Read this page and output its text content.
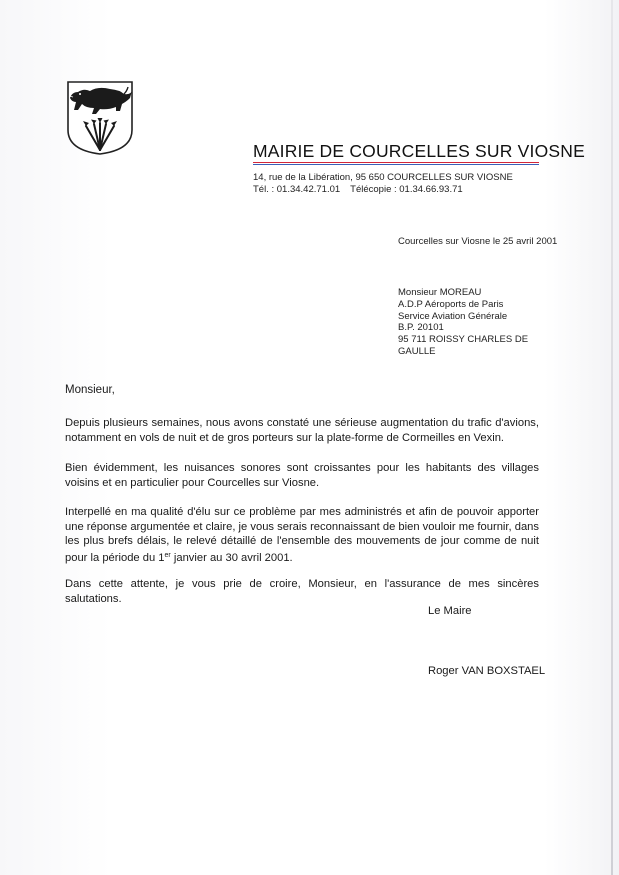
MAIRIE DE COURCELLES SUR VIOSNE
14, rue de la Libération, 95 650 COURCELLES SUR VIOSNE
Tél. : 01.34.42.71.01 Télécopie : 01.34.66.93.71
Courcelles sur Viosne le 25 avril 2001
Monsieur MOREAU
A.D.P Aéroports de Paris
Service Aviation Générale
B.P. 20101
95 711 ROISSY CHARLES DE
GAULLE
Monsieur,
Depuis plusieurs semaines, nous avons constaté une sérieuse augmentation du trafic d'avions, notamment en vols de nuit et de gros porteurs sur la plate-forme de Cormeilles en Vexin.
Bien évidemment, les nuisances sonores sont croissantes pour les habitants des villages voisins et en particulier pour Courcelles sur Viosne.
Interpellé en ma qualité d'élu sur ce problème par mes administrés et afin de pouvoir apporter une réponse argumentée et claire, je vous serais reconnaissant de bien vouloir me fournir, dans les plus brefs délais, le relevé détaillé de l'ensemble des mouvements de jour comme de nuit pour la période du 1er janvier au 30 avril 2001.
Dans cette attente, je vous prie de croire, Monsieur, en l'assurance de mes sincères salutations.
Le Maire
Roger VAN BOXSTAEL
